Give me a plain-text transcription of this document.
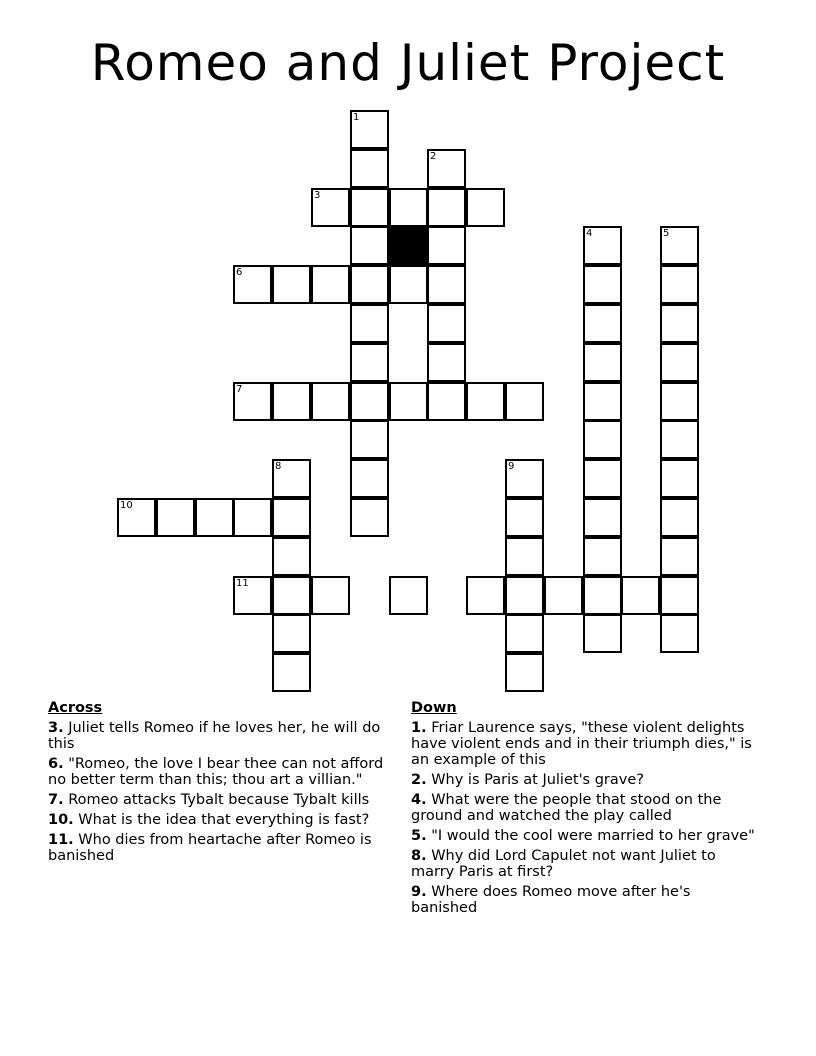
Romeo and Juliet Project
1
2
3
4	5
6
7
8	9
10
11
Across
3. Juliet tells Romeo if he loves her, he will do this
6. "Romeo, the love I bear thee can not afford no better term than this; thou art a villian."
7. Romeo attacks Tybalt because Tybalt kills
10. What is the idea that everything is fast?
11. Who dies from heartache after Romeo is banished
Down
1. Friar Laurence says, "these violent delights have violent ends and in their triumph dies," is an example of this
2. Why is Paris at Juliet's grave?
4. What were the people that stood on the ground and watched the play called
5. "I would the cool were married to her grave"
8. Why did Lord Capulet not want Juliet to marry Paris at first?
9. Where does Romeo move after he's banished
